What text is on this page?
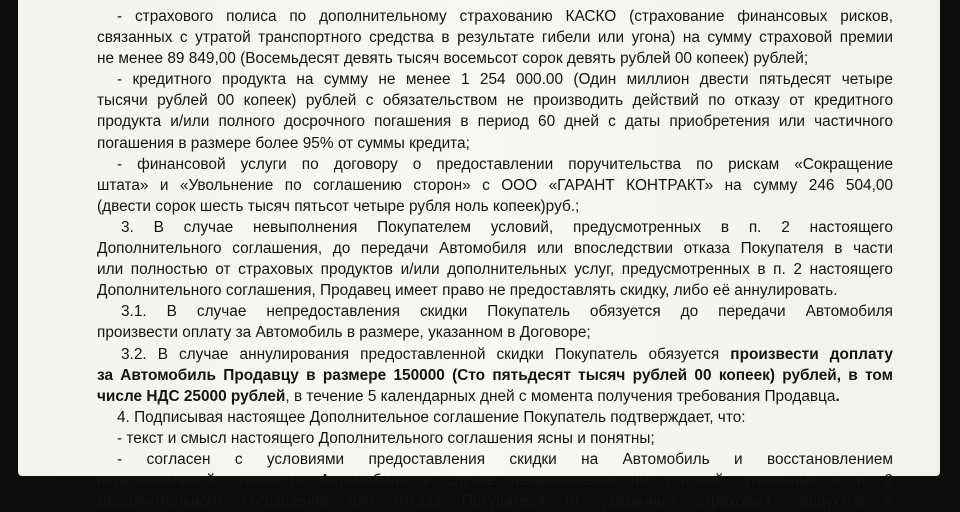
- страхового полиса по дополнительному страхованию КАСКО (страхование финансовых рисков,
связанных с утратой транспортного средства в результате гибели или угона) на сумму страховой премии
не менее 89 849,00 (Восемьдесят девять тысяч восемьсот сорок девять рублей 00 копеек) рублей;
- кредитного продукта на сумму не менее 1 254 000.00 (Один миллион двести пятьдесят четыре
тысячи рублей 00 копеек) рублей с обязательством не производить действий по отказу от кредитного
продукта и/или полного досрочного погашения в период 60 дней с даты приобретения или частичного
погашения в размере более 95% от суммы кредита;
- финансовой услуги по договору о предоставлении поручительства по рискам «Сокращение
штата» и «Увольнение по соглашению сторон» с ООО «ГАРАНТ КОНТРАКТ» на сумму 246 504,00
(двести сорок шесть тысяч пятьсот четыре рубля ноль копеек)руб.;
3. В случае невыполнения Покупателем условий, предусмотренных в п. 2 настоящего
Дополнительного соглашения, до передачи Автомобиля или впоследствии отказа Покупателя в части
или полностью от страховых продуктов и/или дополнительных услуг, предусмотренных в п. 2 настоящего
Дополнительного соглашения, Продавец имеет право не предоставлять скидку, либо её аннулировать.
3.1. В случае непредоставления скидки Покупатель обязуется до передачи Автомобиля
произвести оплату за Автомобиль в размере, указанном в Договоре;
3.2. В случае аннулирования предоставленной скидки Покупатель обязуется произвести доплату
за Автомобиль Продавцу в размере 150000 (Сто пятьдесят тысяч рублей 00 копеек) рублей, в том
числе НДС 25000 рублей, в течение 5 календарных дней с момента получения требования Продавца.
4. Подписывая настоящее Дополнительное соглашение Покупатель подтверждает, что:
- текст и смысл настоящего Дополнительного соглашения ясны и понятны;
- согласен с условиями предоставления скидки на Автомобиль и восстановлением
первоначальной стоимости Автомобиля в случае невыполнения им условий, указанных в п. 2
Дополнительного соглашения или отказа Покупателя от указанных страховых продуктов и
